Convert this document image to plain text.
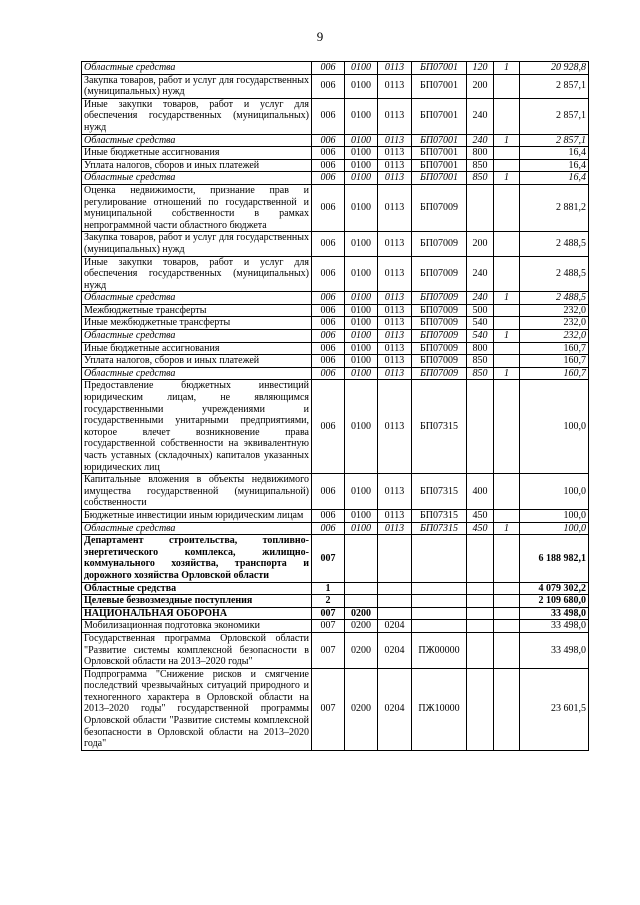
9
Областные средства	006	0100	0113	БП07001	120	1	20 928,8
Закупка товаров, работ и услуг для государственных (муниципальных) нужд	006	0100	0113	БП07001	200		2 857,1
Иные закупки товаров, работ и услуг для обеспечения государственных (муниципальных) нужд	006	0100	0113	БП07001	240		2 857,1
Областные средства	006	0100	0113	БП07001	240	1	2 857,1
Иные бюджетные ассигнования	006	0100	0113	БП07001	800		16,4
Уплата налогов, сборов и иных платежей	006	0100	0113	БП07001	850		16,4
Областные средства	006	0100	0113	БП07001	850	1	16,4
Оценка недвижимости, признание прав и регулирование отношений по государственной и муниципальной собственности в рамках непрограммной части областного бюджета	006	0100	0113	БП07009			2 881,2
Закупка товаров, работ и услуг для государственных (муниципальных) нужд	006	0100	0113	БП07009	200		2 488,5
Иные закупки товаров, работ и услуг для обеспечения государственных (муниципальных) нужд	006	0100	0113	БП07009	240		2 488,5
Областные средства	006	0100	0113	БП07009	240	1	2 488,5
Межбюджетные трансферты	006	0100	0113	БП07009	500		232,0
Иные межбюджетные трансферты	006	0100	0113	БП07009	540		232,0
Областные средства	006	0100	0113	БП07009	540	1	232,0
Иные бюджетные ассигнования	006	0100	0113	БП07009	800		160,7
Уплата налогов, сборов и иных платежей	006	0100	0113	БП07009	850		160,7
Областные средства	006	0100	0113	БП07009	850	1	160,7
Предоставление бюджетных инвестиций юридическим лицам, не являющимся государственными учреждениями и государственными унитарными предприятиями, которое влечет возникновение права государственной собственности на эквивалентную часть уставных (складочных) капиталов указанных юридических лиц	006	0100	0113	БП07315			100,0
Капитальные вложения в объекты недвижимого имущества государственной (муниципальной) собственности	006	0100	0113	БП07315	400		100,0
Бюджетные инвестиции иным юридическим лицам	006	0100	0113	БП07315	450		100,0
Областные средства	006	0100	0113	БП07315	450	1	100,0
Департамент строительства, топливно-энергетического комплекса, жилищно-коммунального хозяйства, транспорта и дорожного хозяйства Орловской области	007						6 188 982,1
Областные средства	1						4 079 302,2
Целевые безвозмездные поступления	2						2 109 680,0
НАЦИОНАЛЬНАЯ ОБОРОНА	007	0200					33 498,0
Мобилизационная подготовка экономики	007	0200	0204				33 498,0
Государственная программа Орловской области "Развитие системы комплексной безопасности в Орловской области на 2013–2020 годы"	007	0200	0204	ПЖ00000			33 498,0
Подпрограмма "Снижение рисков и смягчение последствий чрезвычайных ситуаций природного и техногенного характера в Орловской области на 2013–2020 годы" государственной программы Орловской области "Развитие системы комплексной безопасности в Орловской области на 2013–2020 года"	007	0200	0204	ПЖ10000			23 601,5
